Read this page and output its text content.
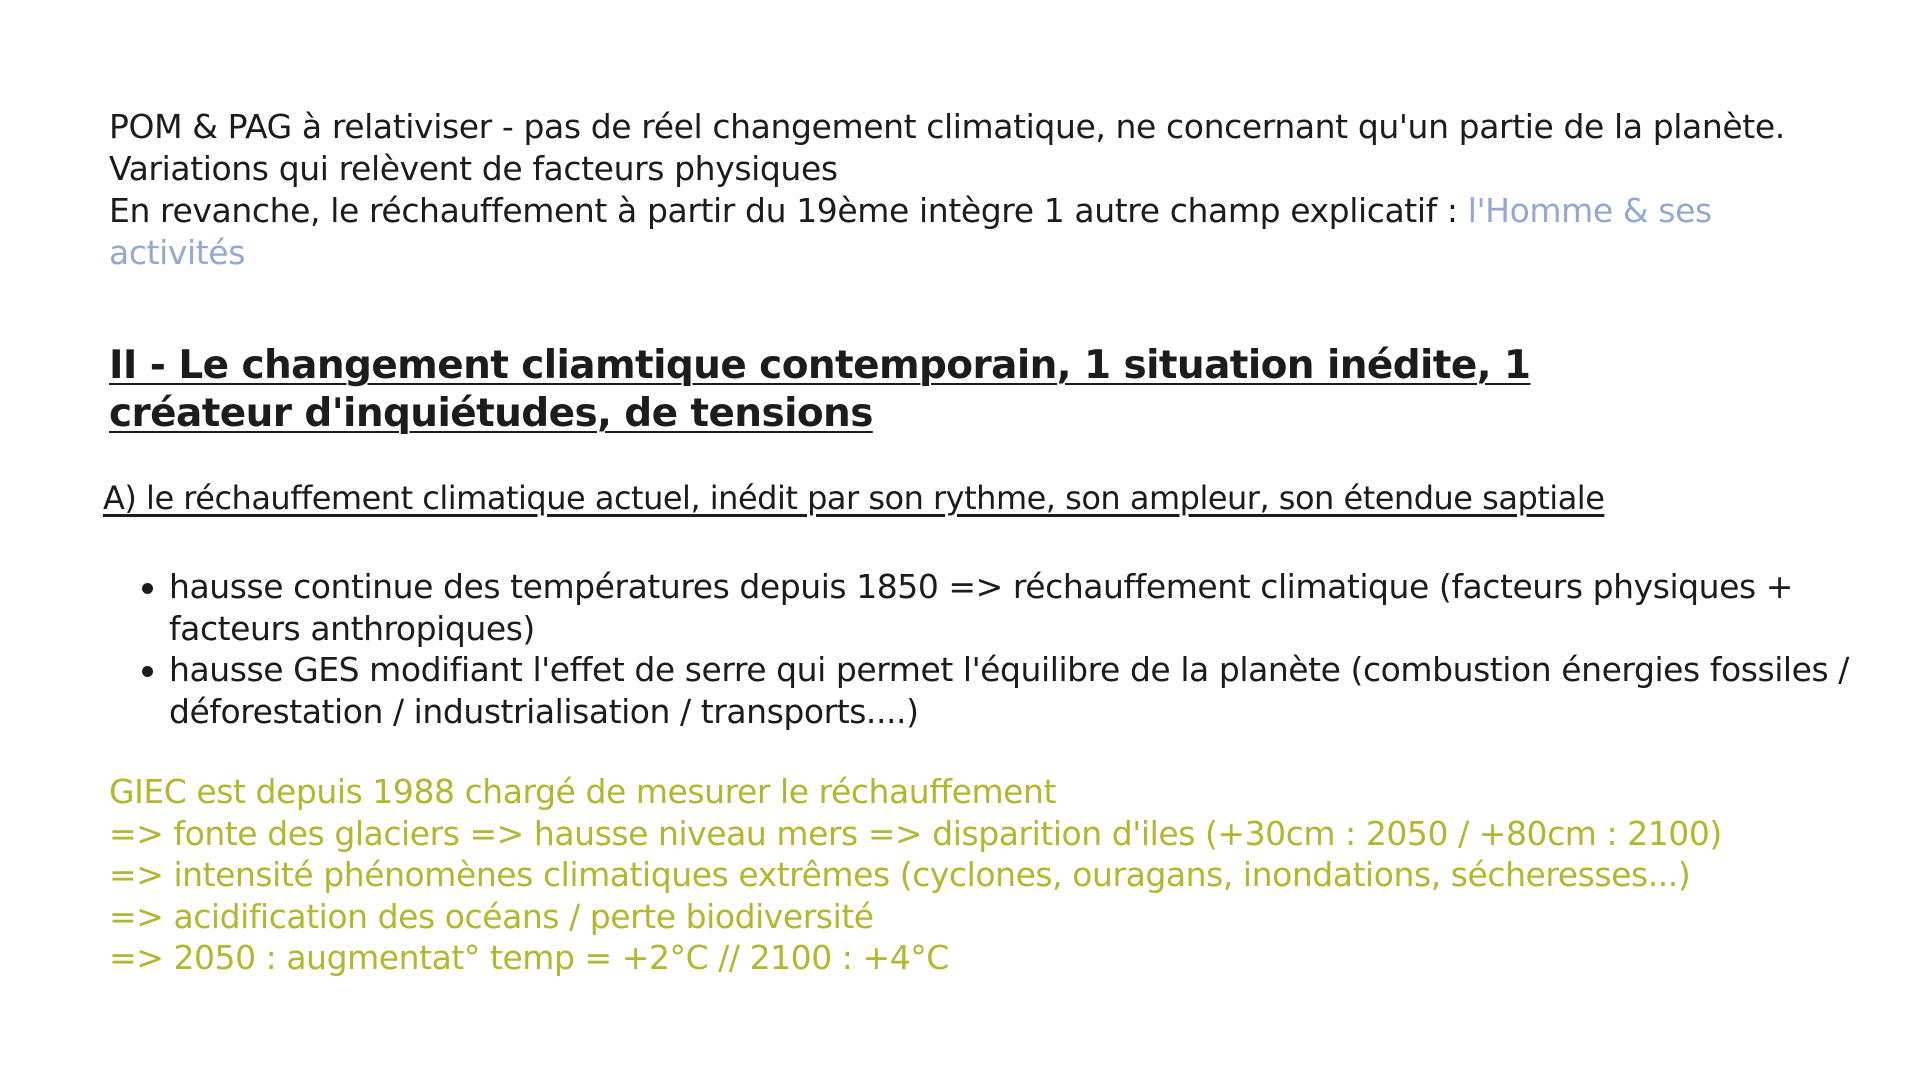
POM & PAG à relativiser - pas de réel changement climatique, ne concernant qu'un partie de la planète.

Variations qui relèvent de facteurs physiques

En revanche, le réchauffement à partir du 19ème intègre 1 autre champ explicatif : l'Homme & ses activités

II - Le changement cliamtique contemporain, 1 situation inédite, 1 créateur d'inquiétudes, de tensions
A) le réchauffement climatique actuel, inédit par son rythme, son ampleur, son étendue saptiale
hausse continue des températures depuis 1850 => réchauffement climatique (facteurs physiques + facteurs anthropiques)
hausse GES modifiant l'effet de serre qui permet l'équilibre de la planète (combustion énergies fossiles / déforestation / industrialisation / transports....)

GIEC est depuis 1988 chargé de mesurer le réchauffement

=> fonte des glaciers => hausse niveau mers => disparition d'iles (+30cm : 2050 / +80cm : 2100)

=> intensité phénomènes climatiques extrêmes (cyclones, ouragans, inondations, sécheresses...)

=> acidification des océans / perte biodiversité

=> 2050 : augmentat° temp = +2°C // 2100 : +4°C
